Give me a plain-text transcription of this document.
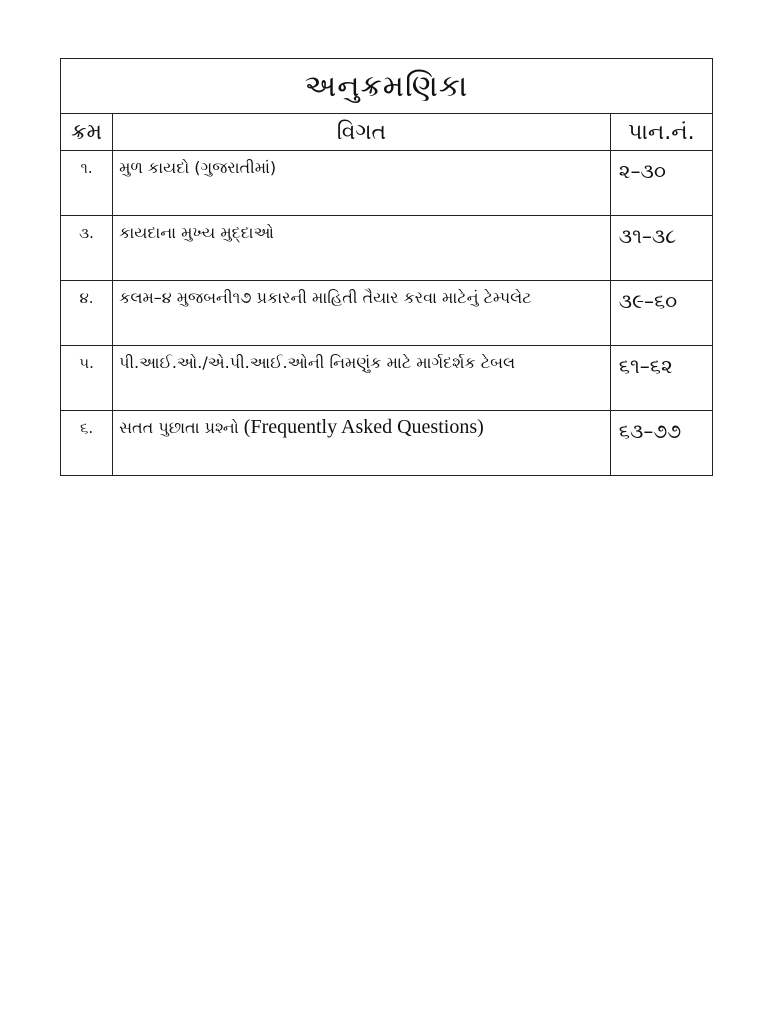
અનુક્રમણિકા		
ક્રમ	વિગત	પાન.નં.
૧.	મુળ કાયદો (ગુજરાતીમાં)	૨–૩૦
૩.	કાયદાના મુખ્ય મુદ્દાઓ	૩૧–૩૮
૪.	કલમ–૪ મુજબની૧૭ પ્રકારની માહિતી તૈયાર કરવા માટેનું ટેમ્પલેટ	૩૯–૬૦
૫.	પી.આઈ.ઓ./એ.પી.આઈ.ઓની નિમણુંક માટે માર્ગદર્શક ટેબલ	૬૧–૬૨
૬.	સતત પુછાતા પ્રશ્નો (Frequently Asked Questions)	૬૩–૭૭
